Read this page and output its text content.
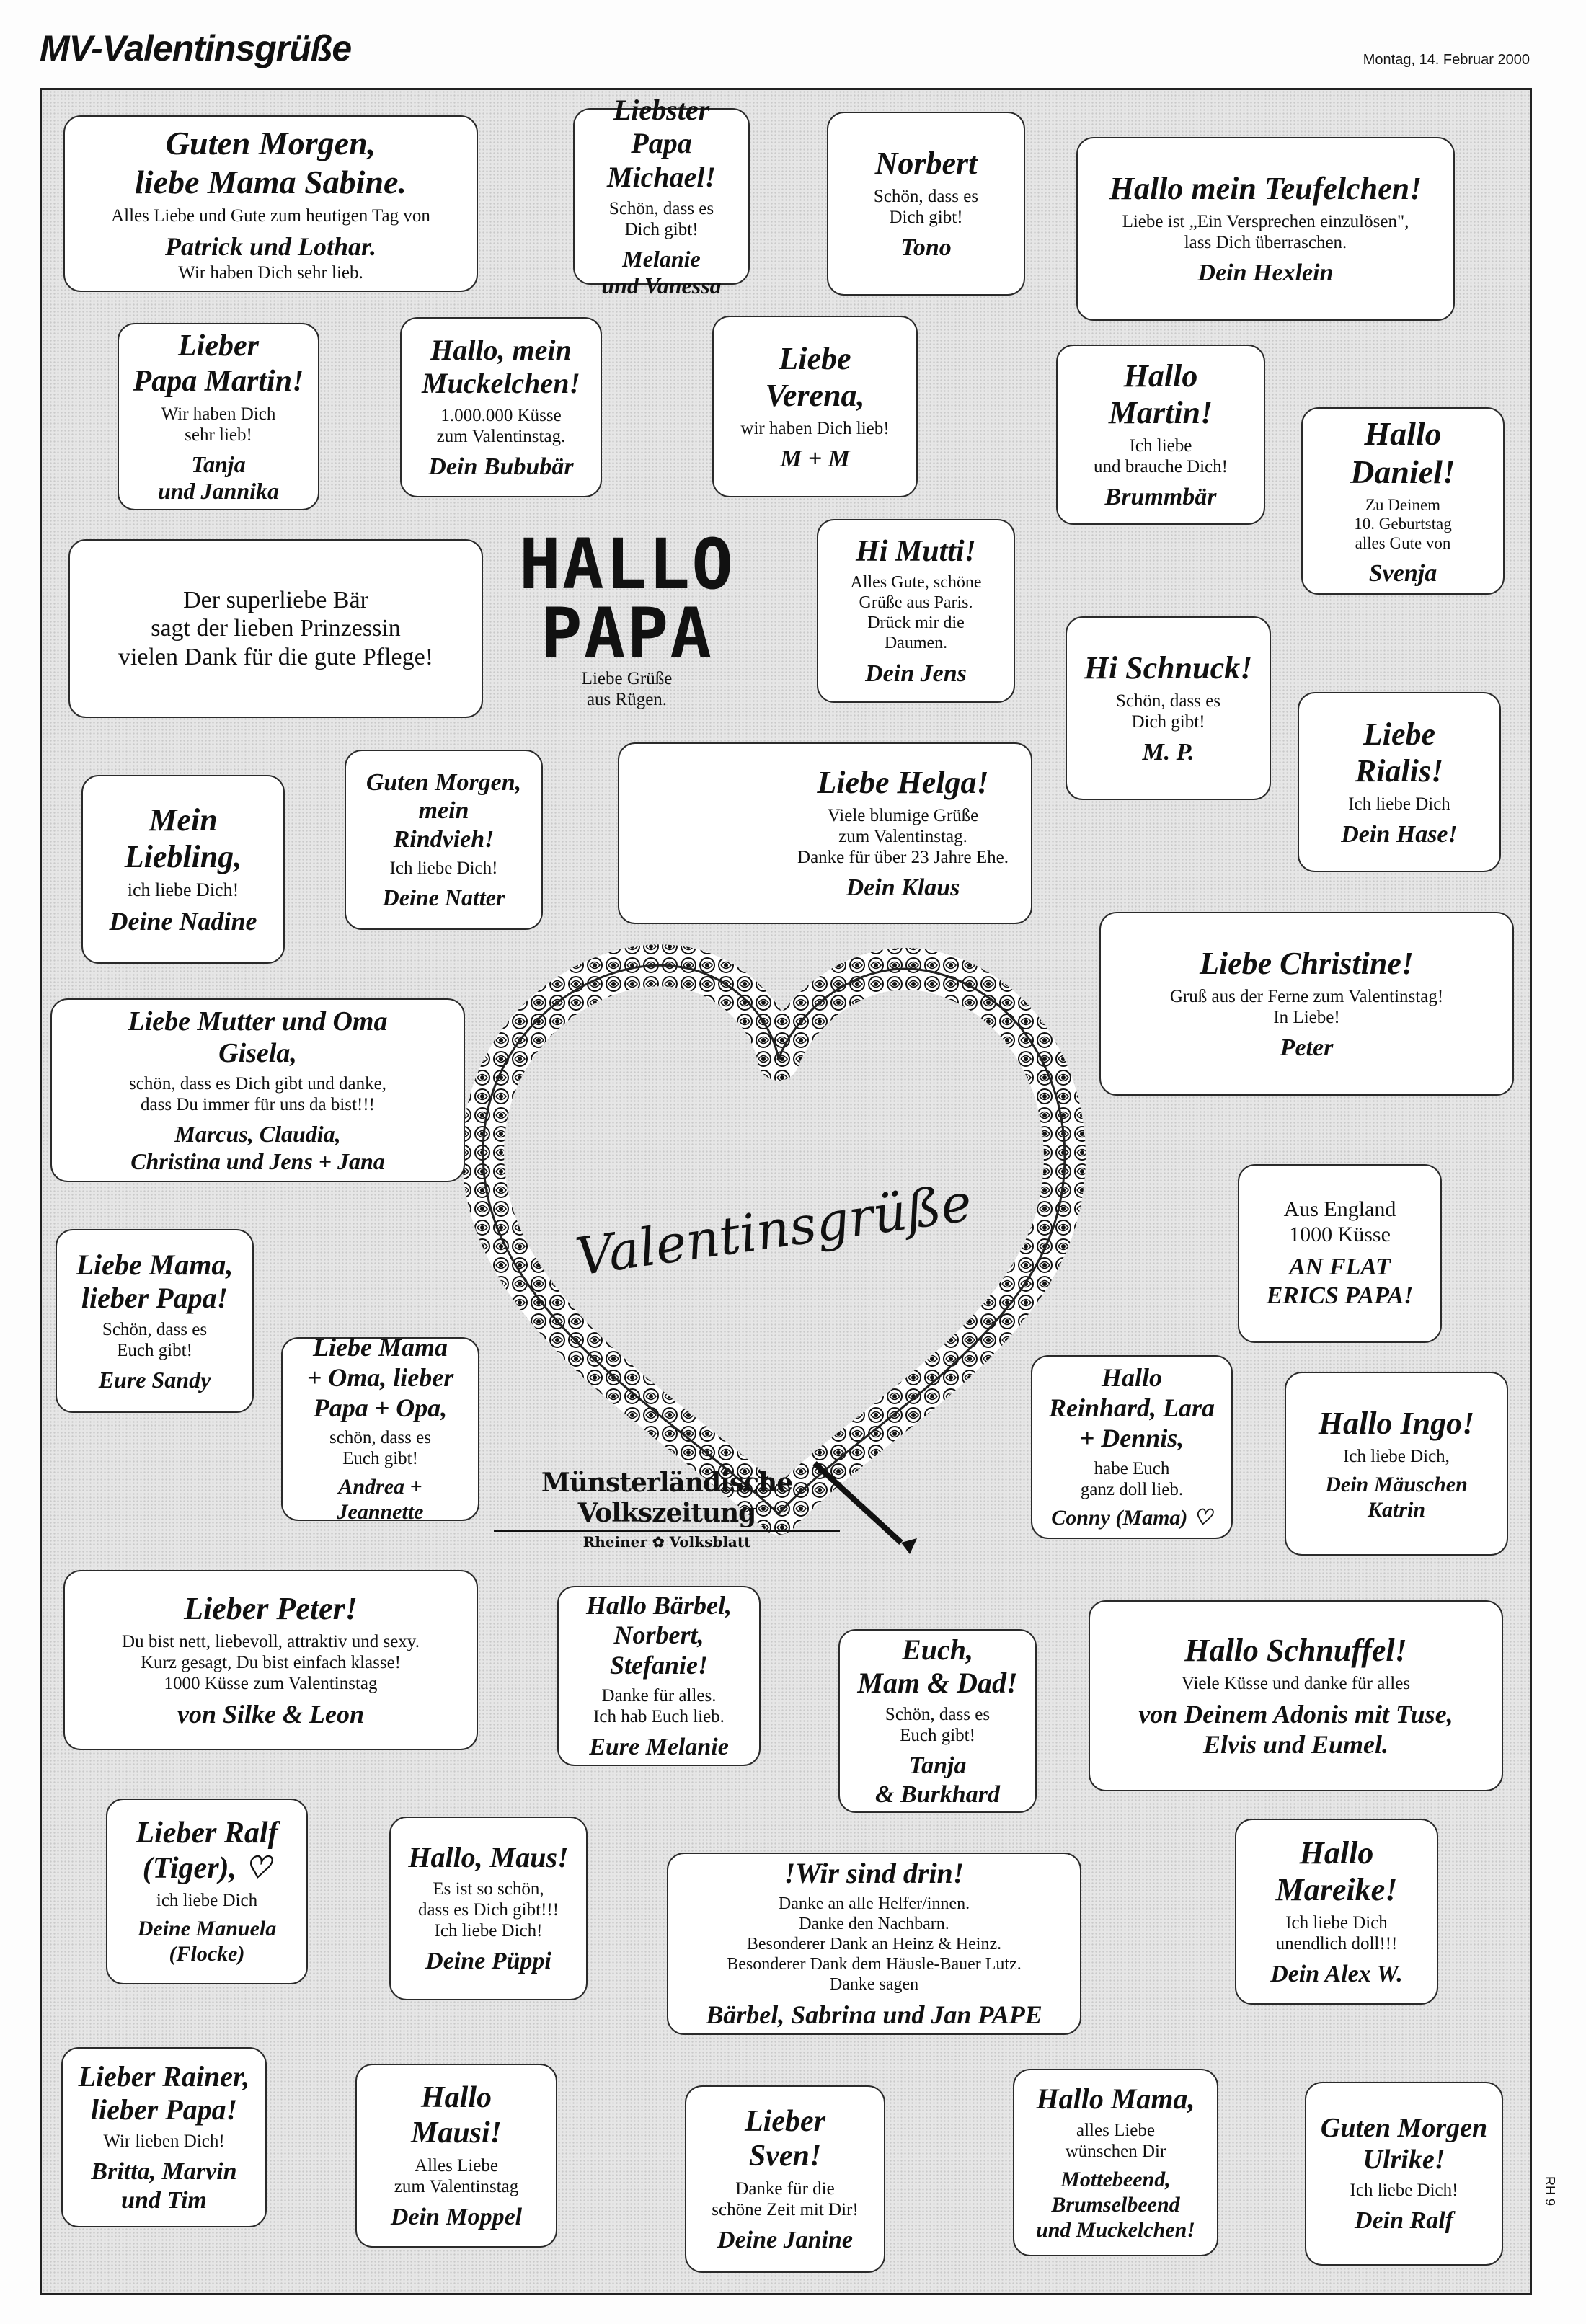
MV-Valentinsgrüße	Montag, 14. Februar 2000
Valentinsgrüße
Münsterländische Volkszeitung
Rheiner ✿ Volksblatt
Guten Morgen,
liebe Mama Sabine.
Alles Liebe und Gute zum heutigen Tag von
Patrick und Lothar.
Wir haben Dich sehr lieb.
Liebster Papa
Michael!
Schön, dass es
Dich gibt!
Melanie
und Vanessa
Norbert
Schön, dass es
Dich gibt!
Tono
Hallo mein Teufelchen!
Liebe ist „Ein Versprechen einzulösen",
lass Dich überraschen.
Dein Hexlein
Lieber
Papa Martin!
Wir haben Dich
sehr lieb!
Tanja
und Jannika
Hallo, mein
Muckelchen!
1.000.000 Küsse
zum Valentinstag.
Dein Bububär
Liebe
Verena,
wir haben Dich lieb!
M + M
Hallo
Martin!
Ich liebe
und brauche Dich!
Brummbär
Hallo
Daniel!
Zu Deinem
10. Geburtstag
alles Gute von
Svenja
Der superliebe Bär
sagt der lieben Prinzessin
vielen Dank für die gute Pflege!
HALLO
PAPA
Liebe Grüße
aus Rügen.
Hi Mutti!
Alles Gute, schöne
Grüße aus Paris.
Drück mir die
Daumen.
Dein Jens	Hi Schnuck!
Schön, dass es
Dich gibt!
M. P.
Liebe
Rialis!
Ich liebe Dich
Dein Hase!
Mein
Liebling,
ich liebe Dich!
Deine Nadine
Guten Morgen,
mein
Rindvieh!
Ich liebe Dich!
Deine Natter
Liebe Helga!
Viele blumige Grüße
zum Valentinstag.
Danke für über 23 Jahre Ehe.
Dein Klaus
Liebe Christine!
Gruß aus der Ferne zum Valentinstag!
In Liebe!
Peter
Liebe Mutter und Oma
Gisela,
schön, dass es Dich gibt und danke,
dass Du immer für uns da bist!!!
Marcus, Claudia,
Christina und Jens + Jana
Aus England
1000 Küsse
AN FLAT
ERICS PAPA!
Liebe Mama,
lieber Papa!
Schön, dass es
Euch gibt!
Eure Sandy
Liebe Mama
+ Oma, lieber
Papa + Opa,
schön, dass es
Euch gibt!
Andrea + Jeannette
Hallo
Reinhard, Lara
+ Dennis,
habe Euch
ganz doll lieb.
Conny (Mama) ♡
Hallo Ingo!
Ich liebe Dich,
Dein Mäuschen
Katrin
Lieber Peter!
Du bist nett, liebevoll, attraktiv und sexy.
Kurz gesagt, Du bist einfach klasse!
1000 Küsse zum Valentinstag
von Silke & Leon
Hallo Bärbel,
Norbert,
Stefanie!
Danke für alles.
Ich hab Euch lieb.
Eure Melanie
Euch,
Mam & Dad!
Schön, dass es
Euch gibt!
Tanja
& Burkhard
Hallo Schnuffel!
Viele Küsse und danke für alles
von Deinem Adonis mit Tuse,
Elvis und Eumel.
Lieber Ralf
(Tiger), ♡
ich liebe Dich
Deine Manuela
(Flocke)
Hallo, Maus!
Es ist so schön,
dass es Dich gibt!!!
Ich liebe Dich!
Deine Püppi
!Wir sind drin!
Danke an alle Helfer/innen.
Danke den Nachbarn.
Besonderer Dank an Heinz & Heinz.
Besonderer Dank dem Häusle-Bauer Lutz.
Danke sagen
Bärbel, Sabrina und Jan PAPE
Hallo
Mareike!
Ich liebe Dich
unendlich doll!!!
Dein Alex W.
Lieber Rainer,
lieber Papa!
Wir lieben Dich!
Britta, Marvin
und Tim
Hallo
Mausi!
Alles Liebe
zum Valentinstag
Dein Moppel
Lieber
Sven!
Danke für die
schöne Zeit mit Dir!
Deine Janine
Hallo Mama,
alles Liebe
wünschen Dir
Mottebeend,
Brumselbeend
und Muckelchen!
Guten Morgen
Ulrike!
Ich liebe Dich!
Dein Ralf
RH 9
